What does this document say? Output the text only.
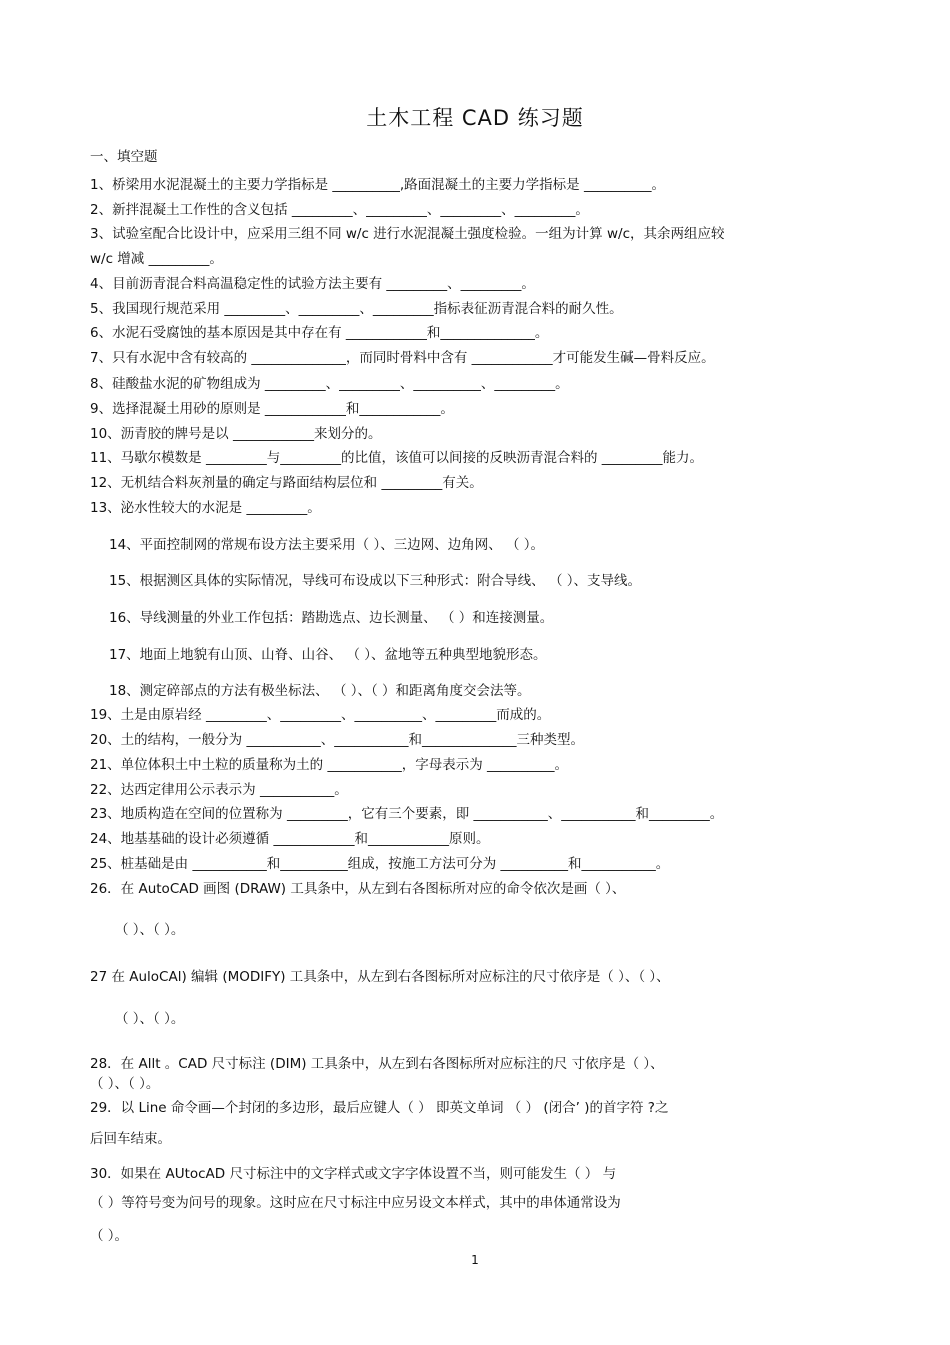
土木工程 CAD 练习题
一、填空题
1、桥梁用水泥混凝土的主要力学指标是 __________,路面混凝土的主要力学指标是 __________。
2、新拌混凝土工作性的含义包括 _________、_________、_________、_________。
3、试验室配合比设计中，应采用三组不同 w/c 进行水泥混凝土强度检验。一组为计算 w/c，其余两组应较
w/c 增减 _________。
4、目前沥青混合料高温稳定性的试验方法主要有 _________、_________。
5、我国现行规范采用 _________、_________、_________指标表征沥青混合料的耐久性。
6、水泥石受腐蚀的基本原因是其中存在有 ____________和______________。
7、只有水泥中含有较高的 ______________，而同时骨料中含有 ____________才可能发生碱—骨料反应。
8、硅酸盐水泥的矿物组成为 _________、_________、__________、_________。
9、选择混凝土用砂的原则是 ____________和____________。
10、沥青胶的牌号是以 ____________来划分的。
11、马歇尔模数是 _________与_________的比值，该值可以间接的反映沥青混合料的 _________能力。
12、无机结合料灰剂量的确定与路面结构层位和 _________有关。
13、泌水性较大的水泥是 _________。
14、平面控制网的常规布设方法主要采用（ ）、三边网、边角网、 （ ）。
15、根据测区具体的实际情况，导线可布设成以下三种形式：附合导线、 （ ）、支导线。
16、导线测量的外业工作包括：踏勘选点、边长测量、 （ ）和连接测量。
17、地面上地貌有山顶、山脊、山谷、 （ ）、盆地等五种典型地貌形态。
18、测定碎部点的方法有极坐标法、 （ ）、（ ）和距离角度交会法等。
19、土是由原岩经 _________、_________、__________、_________而成的。
20、土的结构，一般分为 ___________、___________和______________三种类型。
21、单位体积土中土粒的质量称为土的 ___________，字母表示为 __________。
22、达西定律用公示表示为 ___________。
23、地质构造在空间的位置称为 _________，它有三个要素，即 ___________、___________和_________。
24、地基基础的设计必须遵循 ____________和____________原则。
25、桩基础是由 ___________和__________组成，按施工方法可分为 __________和___________。
26．在 AutoCAD 画图 (DRAW) 工具条中，从左到右各图标所对应的命令依次是画（ ）、
（ ）、（ ）。
27 在 AuloCAl) 编辑 (MODIFY) 工具条中，从左到右各图标所对应标注的尺寸依序是（ ）、（ ）、
（ ）、（ ）。
28．在 Allt 。CAD 尺寸标注 (DIM) 工具条中，从左到右各图标所对应标注的尺 寸依序是（ ）、
（ ）、（ ）。
29．以 Line 命令画—个封闭的多边形，最后应键人（ ） 即英文单词 （ ） (闭合’ )的首字符 ?之
后回车结束。
30．如果在 AUtocAD 尺寸标注中的文字样式或文字字体设置不当，则可能发生（ ） 与
（ ）等符号变为问号的现象。这时应在尺寸标注中应另设文本样式，其中的串体通常设为
（ ）。
1
